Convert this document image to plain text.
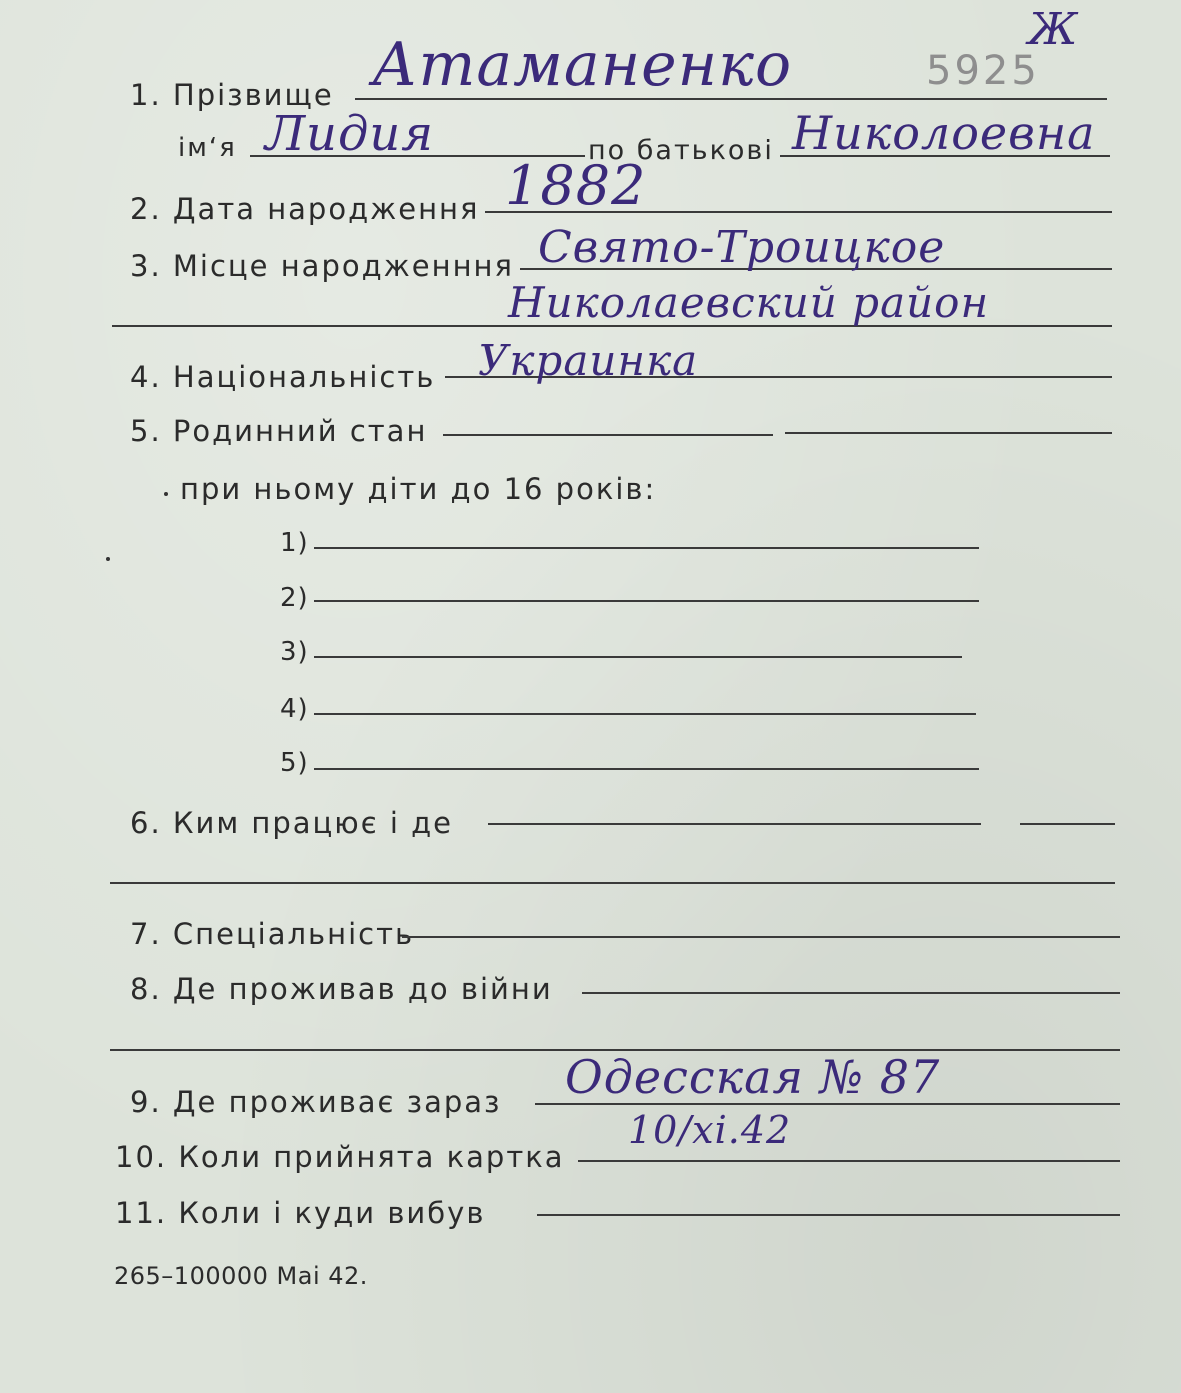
Ж
5925
1. Прізвище Атаманенко
ім‘я Лидия	по батькові Николоевна
2. Дата народження 1882
3. Місце народженння Свято-Троицкое
Николаевский район
4. Національність Украинка
5. Родинний стан
при ньому діти до 16 років:
1)
2)
3)
4)
5)
6. Ким працює і де
7. Спеціальність
8. Де проживав до війни
9. Де проживає зараз Одесская № 87
10. Коли прийнята картка
10/xi.42
11. Коли і куди вибув
265–100000 Mai 42.
